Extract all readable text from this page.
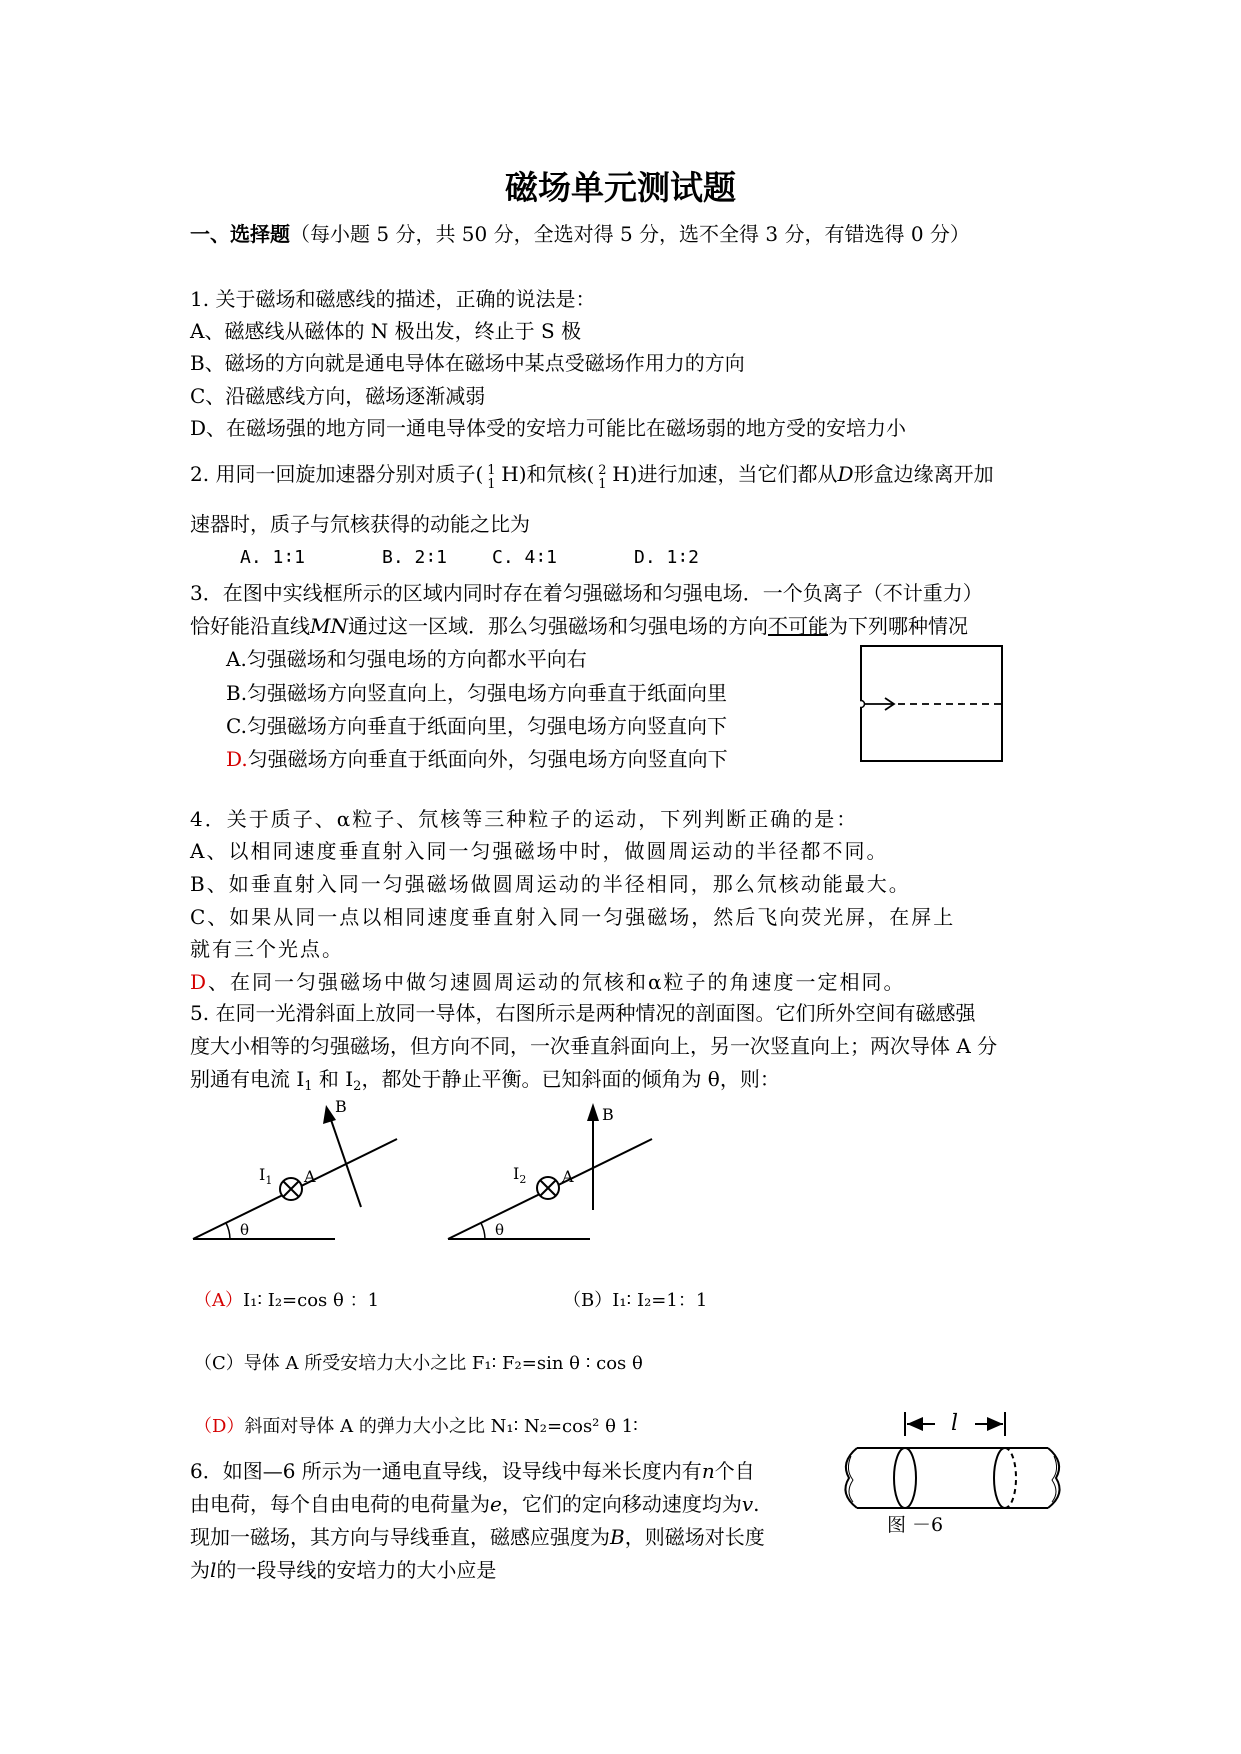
磁场单元测试题
一、选择题（每小题 5 分，共 50 分，全选对得 5 分，选不全得 3 分，有错选得 0 分）
1. 关于磁场和磁感线的描述，正确的说法是：
A、磁感线从磁体的 N 极出发，终止于 S 极
B、磁场的方向就是通电导体在磁场中某点受磁场作用力的方向
C、沿磁感线方向，磁场逐渐减弱
D、在磁场强的地方同一通电导体受的安培力可能比在磁场弱的地方受的安培力小
2. 用同一回旋加速器分别对质子( 1
1 H)和氘核( 2
1 H)进行加速，当它们都从D形盒边缘离开加
速器时，质子与氘核获得的动能之比为
A. 1∶1	B. 2∶1 C. 4∶1	D. 1∶2
3．在图中实线框所示的区域内同时存在着匀强磁场和匀强电场．一个负离子（不计重力）
恰好能沿直线MN通过这一区域．那么匀强磁场和匀强电场的方向不可能为下列哪种情况
A.匀强磁场和匀强电场的方向都水平向右
B.匀强磁场方向竖直向上，匀强电场方向垂直于纸面向里
C.匀强磁场方向垂直于纸面向里，匀强电场方向竖直向下
D.匀强磁场方向垂直于纸面向外，匀强电场方向竖直向下
4．关于质子、α粒子、氘核等三种粒子的运动，下列判断正确的是：
A、以相同速度垂直射入同一匀强磁场中时，做圆周运动的半径都不同。
B、如垂直射入同一匀强磁场做圆周运动的半径相同，那么氘核动能最大。
C、如果从同一点以相同速度垂直射入同一匀强磁场，然后飞向荧光屏，在屏上
就有三个光点。
D、在同一匀强磁场中做匀速圆周运动的氘核和α粒子的角速度一定相同。
5. 在同一光滑斜面上放同一导体，右图所示是两种情况的剖面图。它们所外空间有磁感强
度大小相等的匀强磁场，但方向不同，一次垂直斜面向上，另一次竖直向上；两次导体 A 分
别通有电流 $I_1$ 和 $I_2$，都处于静止平衡。已知斜面的倾角为 θ，则：
θ
$I_1$ A
B
θ
$I_2$ A
B
（A）I₁∶ I₂=cos θ ：1	（B）I₁∶ I₂=1：1
（C）导体 A 所受安培力大小之比 F₁∶ F₂=sin θ ∶ cos θ
（D）斜面对导体 A 的弹力大小之比 N₁∶ N₂=cos² θ 1∶
6．如图—6 所示为一通电直导线，设导线中每米长度内有n个自
由电荷，每个自由电荷的电荷量为e，它们的定向移动速度均为v.
现加一磁场，其方向与导线垂直，磁感应强度为B，则磁场对长度
为l的一段导线的安培力的大小应是
l
图 －6
